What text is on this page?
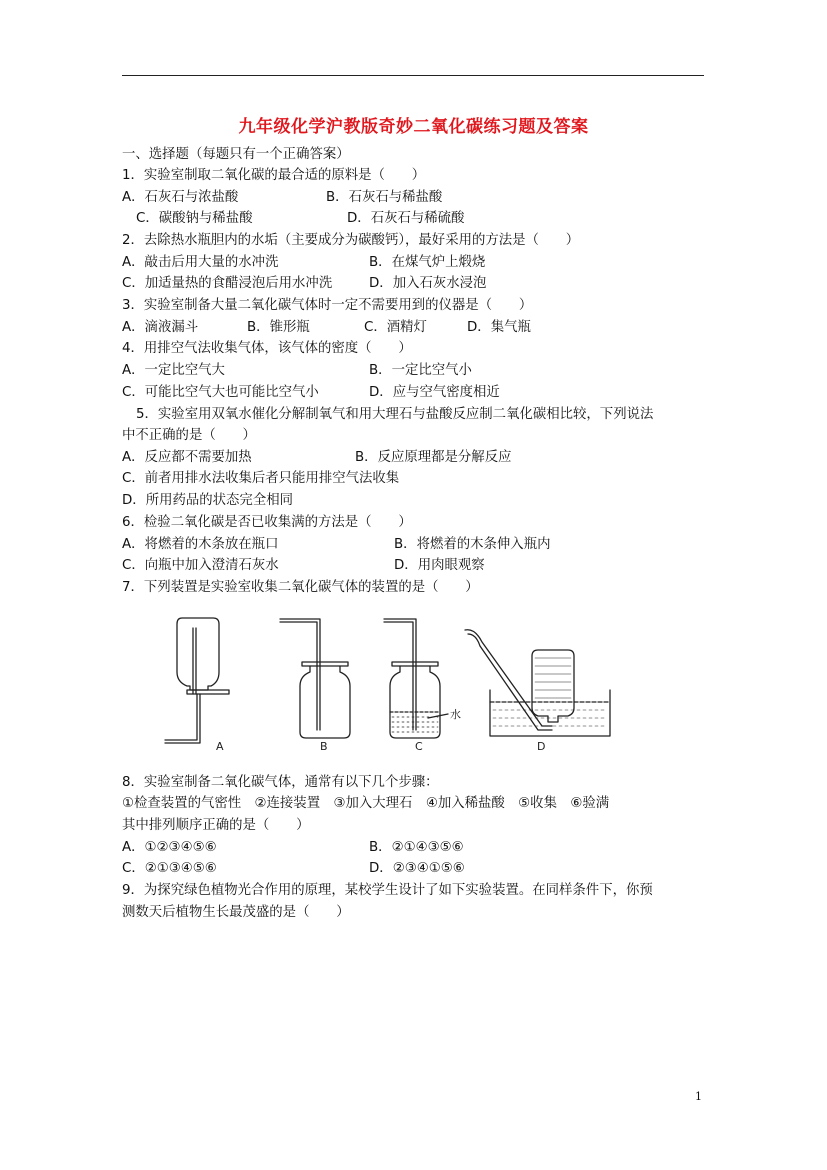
九年级化学沪教版奇妙二氧化碳练习题及答案
一、选择题（每题只有一个正确答案）
1．实验室制取二氧化碳的最合适的原料是（　　）
A．石灰石与浓盐酸	B．石灰石与稀盐酸
C．碳酸钠与稀盐酸	D．石灰石与稀硫酸
2．去除热水瓶胆内的水垢（主要成分为碳酸钙），最好采用的方法是（　　）
A．敲击后用大量的水冲洗	B．在煤气炉上煅烧
C．加适量热的食醋浸泡后用水冲洗	D．加入石灰水浸泡
3．实验室制备大量二氧化碳气体时一定不需要用到的仪器是（　　）
A．滴液漏斗	B．锥形瓶	C．酒精灯	D．集气瓶
4．用排空气法收集气体，该气体的密度（　　）
A．一定比空气大	B．一定比空气小
C．可能比空气大也可能比空气小	D．应与空气密度相近
5．实验室用双氧水催化分解制氧气和用大理石与盐酸反应制二氧化碳相比较，下列说法
中不正确的是（　　）
A．反应都不需要加热	B．反应原理都是分解反应
C．前者用排水法收集后者只能用排空气法收集
D．所用药品的状态完全相同
6．检验二氧化碳是否已收集满的方法是（　　）
A．将燃着的木条放在瓶口	B．将燃着的木条伸入瓶内
C．向瓶中加入澄清石灰水	D．用肉眼观察
7．下列装置是实验室收集二氧化碳气体的装置的是（　　）
A	B
水
C	D
8．实验室制备二氧化碳气体，通常有以下几个步骤：
①检查装置的气密性　②连接装置　③加入大理石　④加入稀盐酸　⑤收集　⑥验满
其中排列顺序正确的是（　　）
A．①②③④⑤⑥	B．②①④③⑤⑥
C．②①③④⑤⑥	D．②③④①⑤⑥
9．为探究绿色植物光合作用的原理，某校学生设计了如下实验装置。在同样条件下，你预
测数天后植物生长最茂盛的是（　　）
1
